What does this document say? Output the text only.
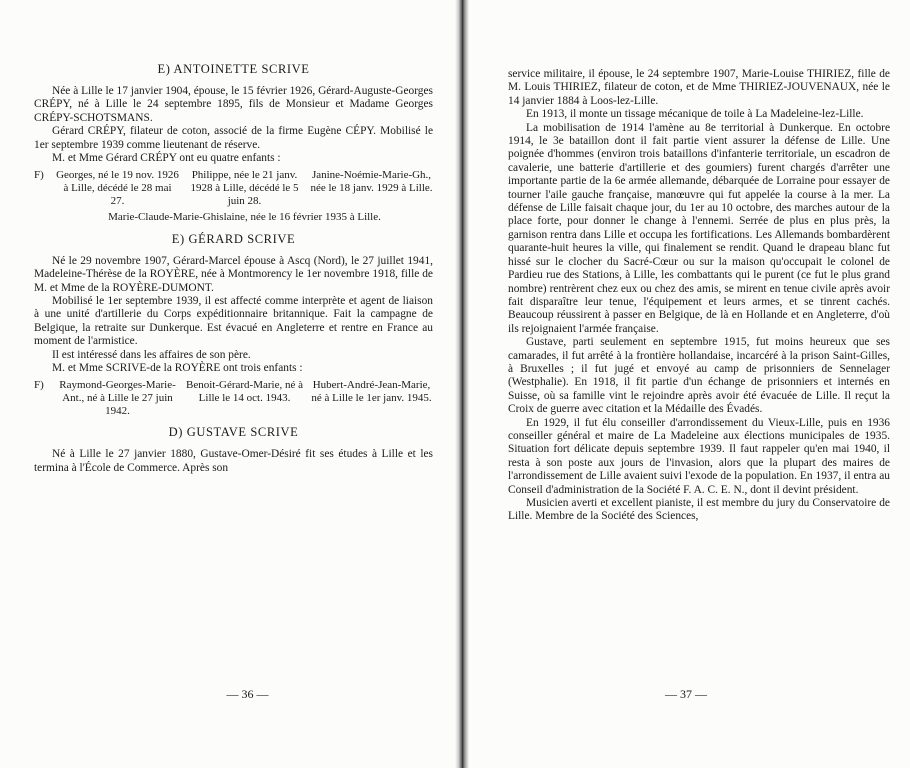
E) ANTOINETTE SCRIVE

Née à Lille le 17 janvier 1904, épouse, le 15 février 1926, Gérard-Auguste-Georges CRÉPY, né à Lille le 24 septembre 1895, fils de Monsieur et Madame Georges CRÉPY-SCHOTSMANS.

Gérard CRÉPY, filateur de coton, associé de la firme Eugène CÉPY. Mobilisé le 1er septembre 1939 comme lieutenant de réserve.

M. et Mme Gérard CRÉPY ont eu quatre enfants :

F)	Georges, né le 19 nov. 1926 à Lille, décédé le 28 mai 27.
Philippe, née le 21 janv. 1928 à Lille, décédé le 5 juin 28.
Janine-Noémie-Marie-Gh., née le 18 janv. 1929 à Lille.
Marie-Claude-Marie-Ghislaine, née le 16 février 1935 à Lille.
E) GÉRARD SCRIVE

Né le 29 novembre 1907, Gérard-Marcel épouse à Ascq (Nord), le 27 juillet 1941, Madeleine-Thérèse de la ROYÈRE, née à Montmorency le 1er novembre 1918, fille de M. et Mme de la ROYÈRE-DUMONT.

Mobilisé le 1er septembre 1939, il est affecté comme interprète et agent de liaison à une unité d'artillerie du Corps expéditionnaire britannique. Fait la campagne de Belgique, la retraite sur Dunkerque. Est évacué en Angleterre et rentre en France au moment de l'armistice.

Il est intéressé dans les affaires de son père.

M. et Mme SCRIVE-de la ROYÈRE ont trois enfants :

F)	Raymond-Georges-Marie-Ant., né à Lille le 27 juin 1942.
Benoit-Gérard-Marie, né à Lille le 14 oct. 1943.
Hubert-André-Jean-Marie, né à Lille le 1er janv. 1945.
D) GUSTAVE SCRIVE

Né à Lille le 27 janvier 1880, Gustave-Omer-Désiré fit ses études à Lille et les termina à l'École de Commerce. Après son

— 36 —

service militaire, il épouse, le 24 septembre 1907, Marie-Louise THIRIEZ, fille de M. Louis THIRIEZ, filateur de coton, et de Mme THIRIEZ-JOUVENAUX, née le 14 janvier 1884 à Loos-lez-Lille.

En 1913, il monte un tissage mécanique de toile à La Madeleine-lez-Lille.

La mobilisation de 1914 l'amène au 8e territorial à Dunkerque. En octobre 1914, le 3e bataillon dont il fait partie vient assurer la défense de Lille. Une poignée d'hommes (environ trois bataillons d'infanterie territoriale, un escadron de cavalerie, une batterie d'artillerie et des goumiers) furent chargés d'arrêter une importante partie de la 6e armée allemande, débarquée de Lorraine pour essayer de tourner l'aile gauche française, manœuvre qui fut appelée la course à la mer. La défense de Lille faisait chaque jour, du 1er au 10 octobre, des marches autour de la place forte, pour donner le change à l'ennemi. Serrée de plus en plus près, la garnison rentra dans Lille et occupa les fortifications. Les Allemands bombardèrent quarante-huit heures la ville, qui finalement se rendit. Quand le drapeau blanc fut hissé sur le clocher du Sacré-Cœur ou sur la maison qu'occupait le colonel de Pardieu rue des Stations, à Lille, les combattants qui le purent (ce fut le plus grand nombre) rentrèrent chez eux ou chez des amis, se mirent en tenue civile après avoir fait disparaître leur tenue, l'équipement et leurs armes, et se tinrent cachés. Beaucoup réussirent à passer en Belgique, de là en Hollande et en Angleterre, d'où ils rejoignaient l'armée française.

Gustave, parti seulement en septembre 1915, fut moins heureux que ses camarades, il fut arrêté à la frontière hollandaise, incarcéré à la prison Saint-Gilles, à Bruxelles ; il fut jugé et envoyé au camp de prisonniers de Sennelager (Westphalie). En 1918, il fit partie d'un échange de prisonniers et internés en Suisse, où sa famille vint le rejoindre après avoir été évacuée de Lille. Il reçut la Croix de guerre avec citation et la Médaille des Évadés.

En 1929, il fut élu conseiller d'arrondissement du Vieux-Lille, puis en 1936 conseiller général et maire de La Madeleine aux élections municipales de 1935. Situation fort délicate depuis septembre 1939. Il faut rappeler qu'en mai 1940, il resta à son poste aux jours de l'invasion, alors que la plupart des maires de l'arrondissement de Lille avaient suivi l'exode de la population. En 1937, il entra au Conseil d'administration de la Société F. A. C. E. N., dont il devint président.

Musicien averti et excellent pianiste, il est membre du jury du Conservatoire de Lille. Membre de la Société des Sciences,

— 37 —
